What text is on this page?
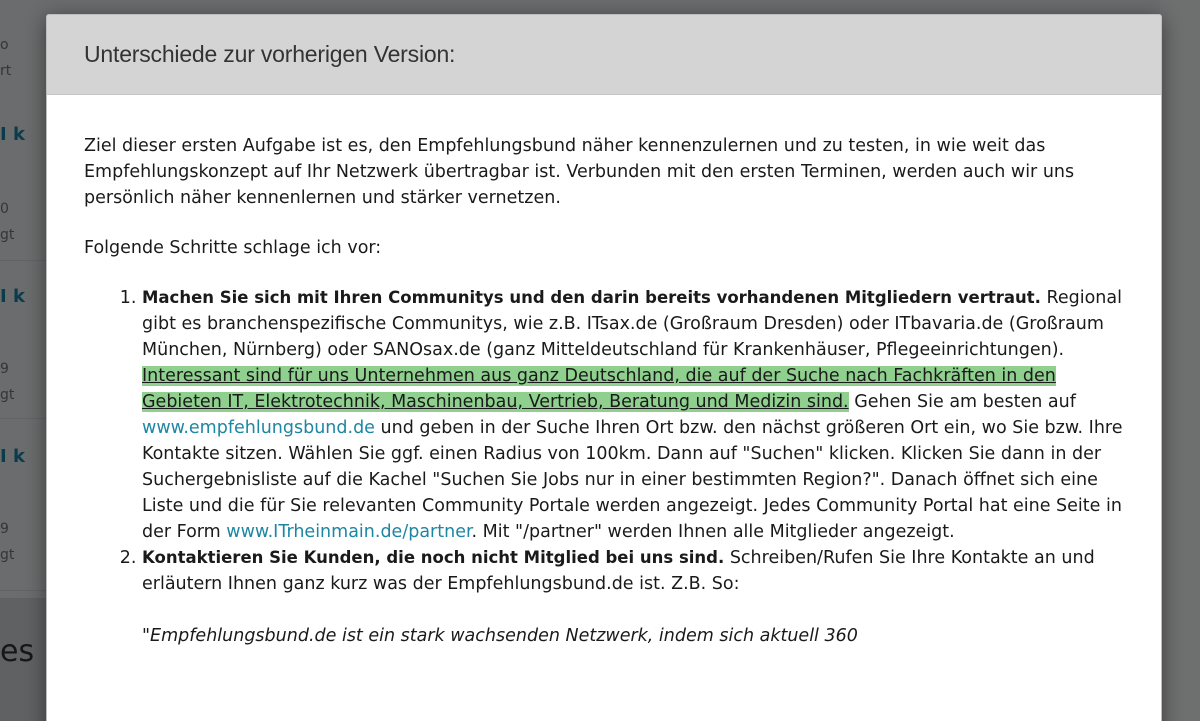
Unterschiede zur vorherigen Version:

Ziel dieser ersten Aufgabe ist es, den Empfehlungsbund näher kennenzulernen und zu testen, in wie weit das Empfehlungskonzept auf Ihr Netzwerk übertragbar ist. Verbunden mit den ersten Terminen, werden auch wir uns persönlich näher kennenlernen und stärker vernetzen.

Folgende Schritte schlage ich vor:

1. Machen Sie sich mit Ihren Communitys und den darin bereits vorhandenen Mitgliedern vertraut. Regional gibt es branchenspezifische Communitys, wie z.B. ITsax.de (Großraum Dresden) oder ITbavaria.de (Großraum München, Nürnberg) oder SANOsax.de (ganz Mitteldeutschland für Krankenhäuser, Pflegeeinrichtungen). Interessant sind für uns Unternehmen aus ganz Deutschland, die auf der Suche nach Fachkräften in den Gebieten IT, Elektrotechnik, Maschinenbau, Vertrieb, Beratung und Medizin sind. Gehen Sie am besten auf www.empfehlungsbund.de und geben in der Suche Ihren Ort bzw. den nächst größeren Ort ein, wo Sie bzw. Ihre Kontakte sitzen. Wählen Sie ggf. einen Radius von 100km. Dann auf "Suchen" klicken. Klicken Sie dann in der Suchergebnisliste auf die Kachel "Suchen Sie Jobs nur in einer bestimmten Region?". Danach öffnet sich eine Liste und die für Sie relevanten Community Portale werden angezeigt. Jedes Community Portal hat eine Seite in der Form www.ITrheinmain.de/partner. Mit "/partner" werden Ihnen alle Mitglieder angezeigt.
2. Kontaktieren Sie Kunden, die noch nicht Mitglied bei uns sind. Schreiben/Rufen Sie Ihre Kontakte an und erläutern Ihnen ganz kurz was der Empfehlungsbund.de ist. Z.B. So:

"Empfehlungsbund.de ist ein stark wachsenden Netzwerk, indem sich aktuell 360
